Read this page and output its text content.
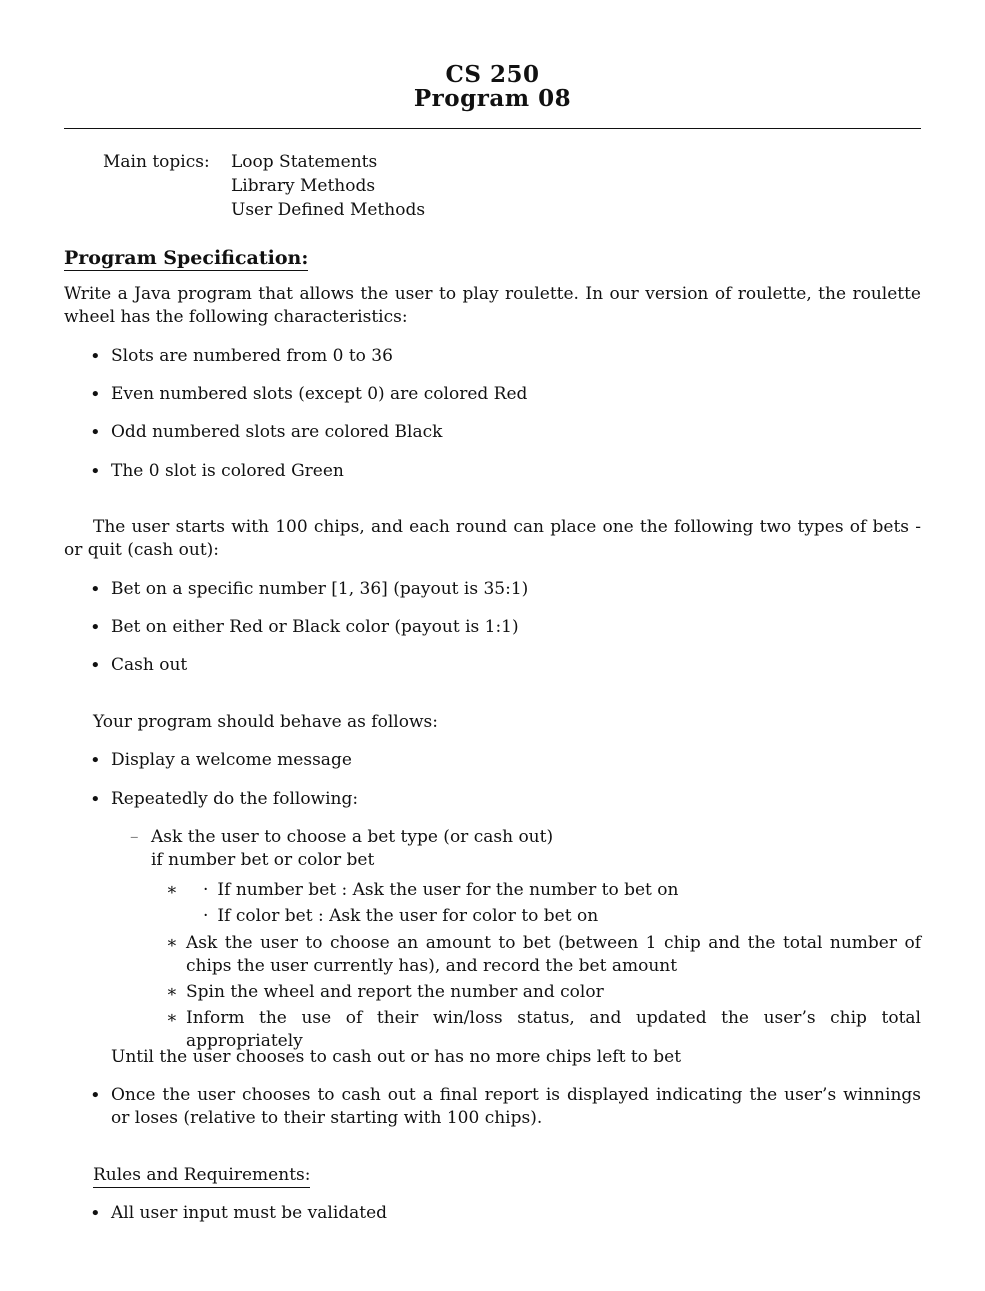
CS 250
Program 08
Main topics: Loop Statements
Library Methods
User Defined Methods
Program Specification:
Write a Java program that allows the user to play roulette. In our version of roulette, the roulette wheel has the following characteristics:
• Slots are numbered from 0 to 36
• Even numbered slots (except 0) are colored Red
• Odd numbered slots are colored Black
• The 0 slot is colored Green
The user starts with 100 chips, and each round can place one the following two types of bets - or quit (cash out):
• Bet on a specific number [1, 36] (payout is 35:1)
• Bet on either Red or Black color (payout is 1:1)
• Cash out
Your program should behave as follows:
• Display a welcome message
• Repeatedly do the following:
– Ask the user to choose a bet type (or cash out)
if number bet or color bet
∗ · If number bet : Ask the user for the number to bet on
· If color bet : Ask the user for color to bet on
∗ Ask the user to choose an amount to bet (between 1 chip and the total number of chips the user currently has), and record the bet amount
∗ Spin the wheel and report the number and color
∗ Inform the use of their win/loss status, and updated the user’s chip total appropriately
Until the user chooses to cash out or has no more chips left to bet
• Once the user chooses to cash out a final report is displayed indicating the user’s winnings or loses (relative to their starting with 100 chips).
Rules and Requirements:
• All user input must be validated
